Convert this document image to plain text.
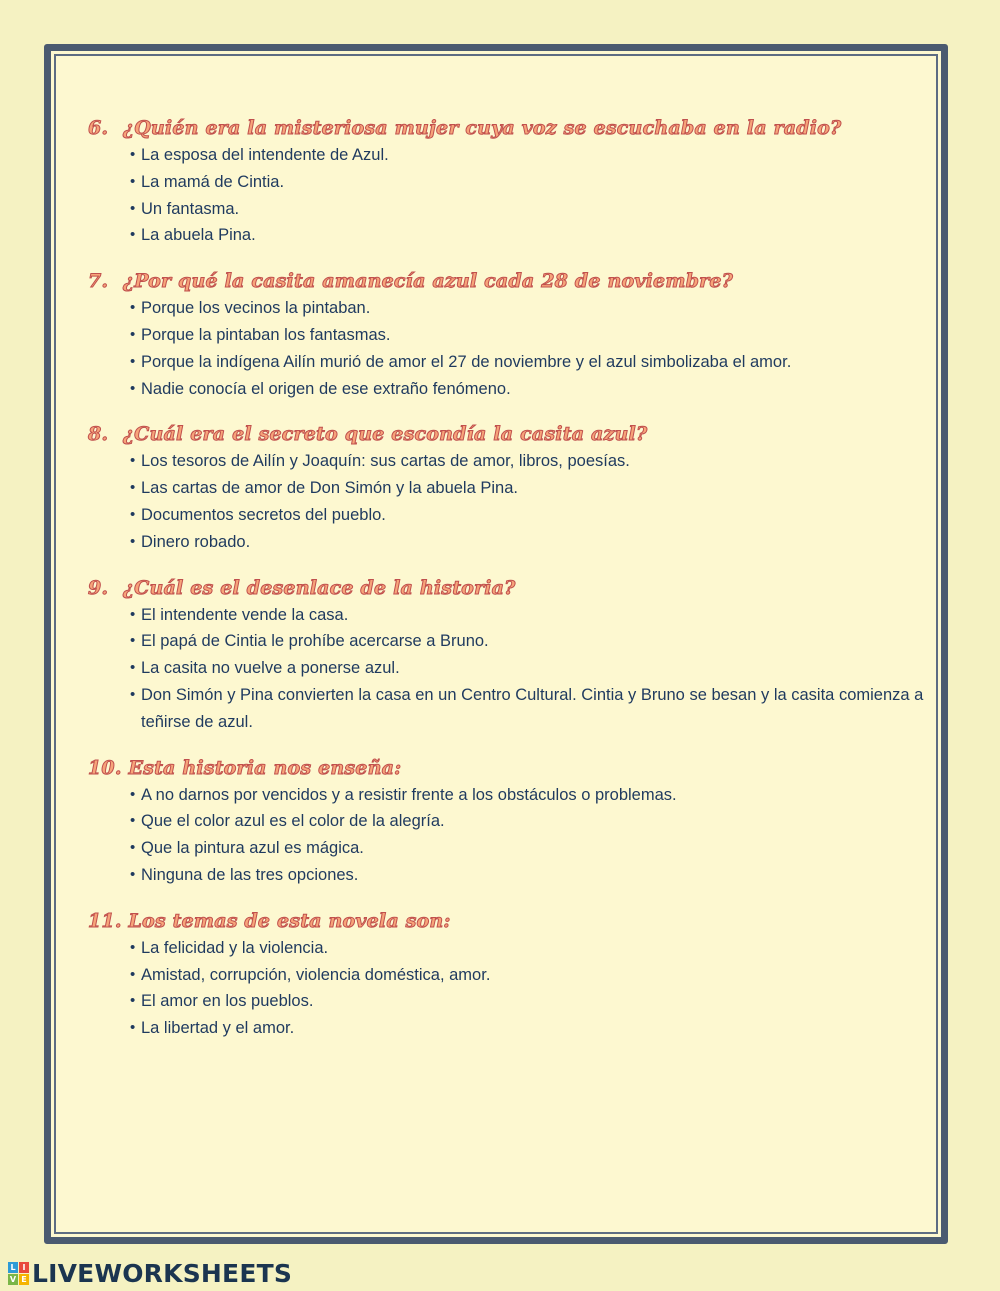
6. ¿Quién era la misteriosa mujer cuya voz se escuchaba en la radio?
• La esposa del intendente de Azul.
• La mamá de Cintia.
• Un fantasma.
• La abuela Pina.
7. ¿Por qué la casita amanecía azul cada 28 de noviembre?
• Porque los vecinos la pintaban.
• Porque la pintaban los fantasmas.
• Porque la indígena Ailín murió de amor el 27 de noviembre y el azul simbolizaba el amor.
• Nadie conocía el origen de ese extraño fenómeno.
8. ¿Cuál era el secreto que escondía la casita azul?
• Los tesoros de Ailín y Joaquín: sus cartas de amor, libros, poesías.
• Las cartas de amor de Don Simón y la abuela Pina.
• Documentos secretos del pueblo.
• Dinero robado.
9. ¿Cuál es el desenlace de la historia?
• El intendente vende la casa.
• El papá de Cintia le prohíbe acercarse a Bruno.
• La casita no vuelve a ponerse azul.
• Don Simón y Pina convierten la casa en un Centro Cultural. Cintia y Bruno se besan y la casita comienza a teñirse de azul.
10. Esta historia nos enseña:
• A no darnos por vencidos y a resistir frente a los obstáculos o problemas.
• Que el color azul es el color de la alegría.
• Que la pintura azul es mágica.
• Ninguna de las tres opciones.
11. Los temas de esta novela son:
• La felicidad y la violencia.
• Amistad, corrupción, violencia doméstica, amor.
• El amor en los pueblos.
• La libertad y el amor.
L I
V E LIVEWORKSHEETS
